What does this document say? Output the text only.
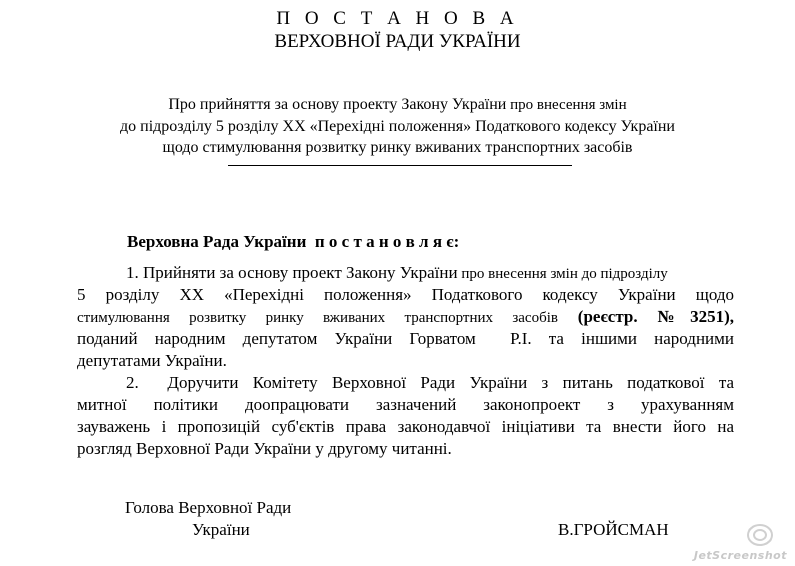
П О С Т А Н О В А
ВЕРХОВНОЇ РАДИ УКРАЇНИ
Про прийняття за основу проекту Закону України про внесення змін
до підрозділу 5 розділу XX «Перехідні положення» Податкового кодексу України
щодо стимулювання розвитку ринку вживаних транспортних засобів
Верховна Рада України  п о с т а н о в л я є:
1. Прийняти за основу проект Закону України про внесення змін до підрозділу
5 розділу XX «Перехідні положення» Податкового кодексу України щодо
стимулювання розвитку ринку вживаних транспортних засобів (реєстр. №3251),
поданий народним депутатом України Горватом  Р.І. та іншими народними
депутатами України.
2.  Доручити Комітету Верховної Ради України з питань податкової та
митної політики доопрацювати зазначений законопроект з урахуванням
зауважень і пропозицій суб'єктів права законодавчої ініціативи та внести його на
розгляд Верховної Ради України у другому читанні.
Голова Верховної Ради
України	В.ГРОЙСМАН
JetScreenshot
